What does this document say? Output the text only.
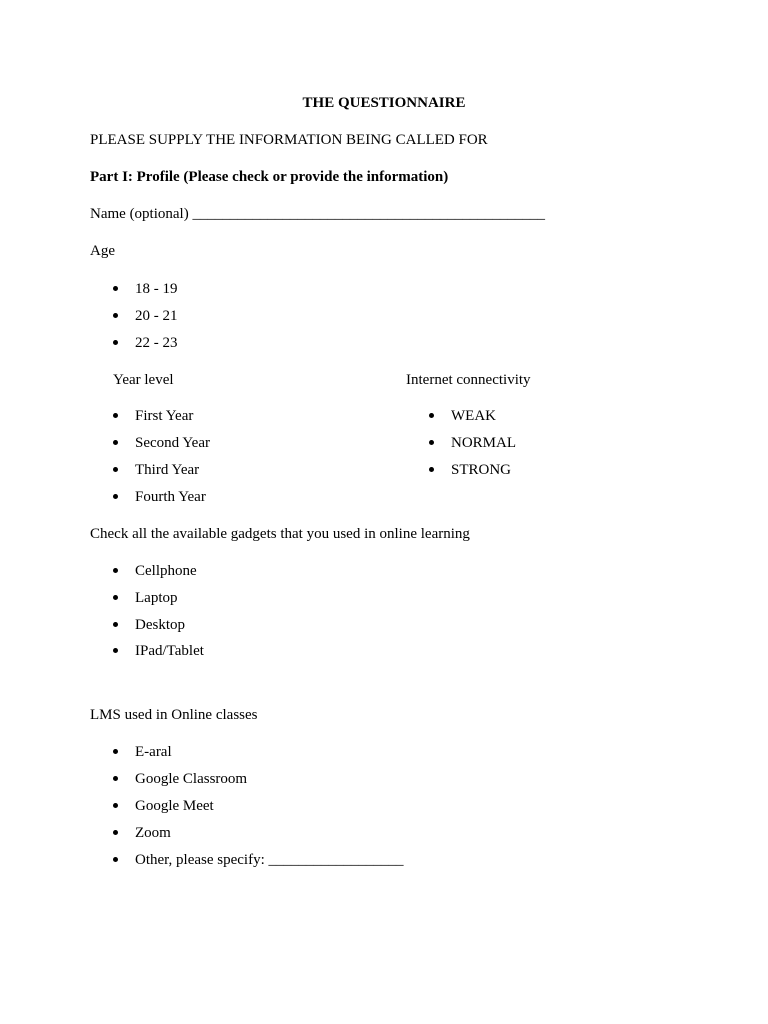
THE QUESTIONNAIRE
PLEASE SUPPLY THE INFORMATION BEING CALLED FOR
Part I: Profile (Please check or provide the information)
Name (optional) _______________________________________________
Age
18 - 19
20 - 21
22 - 23
Year level
First Year
Second Year
Third Year
Fourth Year
Internet connectivity
WEAK
NORMAL
STRONG
Check all the available gadgets that you used in online learning
Cellphone
Laptop
Desktop
IPad/Tablet
LMS used in Online classes
E-aral
Google Classroom
Google Meet
Zoom
Other, please specify: __________________
